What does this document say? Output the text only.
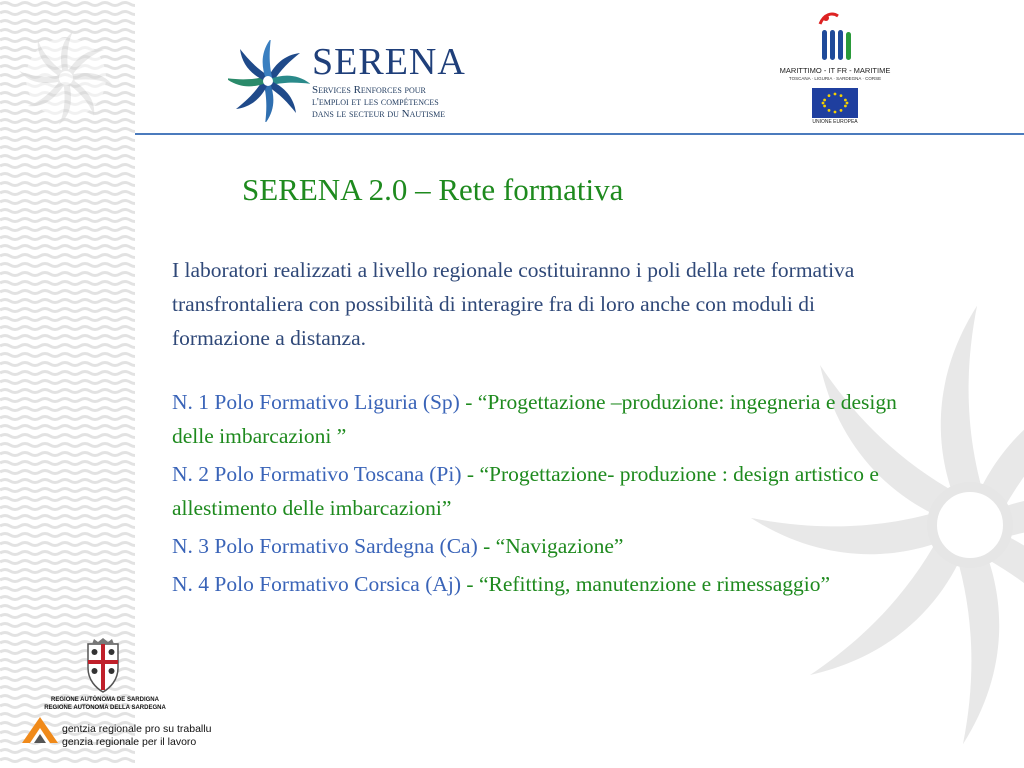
SERENA
Services Renforces pour
l'emploi et les compétences
dans le secteur du Nautisme
MARITTIMO - IT FR - MARITIME
TOSCANA · LIGURIA · SARDEGNA · CORSE
UNIONE EUROPEA
SERENA 2.0 – Rete formativa
I laboratori realizzati a livello regionale costituiranno i poli della rete formativa transfrontaliera con possibilità di interagire fra di loro anche con moduli di formazione a distanza.
N. 1 Polo Formativo Liguria (Sp) - “Progettazione –produzione: ingegneria e design delle imbarcazioni ”
N. 2 Polo Formativo Toscana (Pi) - “Progettazione- produzione : design artistico e allestimento delle imbarcazioni”
N. 3 Polo Formativo Sardegna (Ca) - “Navigazione”
N. 4 Polo Formativo Corsica (Aj) - “Refitting, manutenzione e rimessaggio”
REGIONE AUTÒNOMA DE SARDIGNA
REGIONE AUTONOMA DELLA SARDEGNA
gentzia regionale pro su traballu
genzia regionale per il lavoro
